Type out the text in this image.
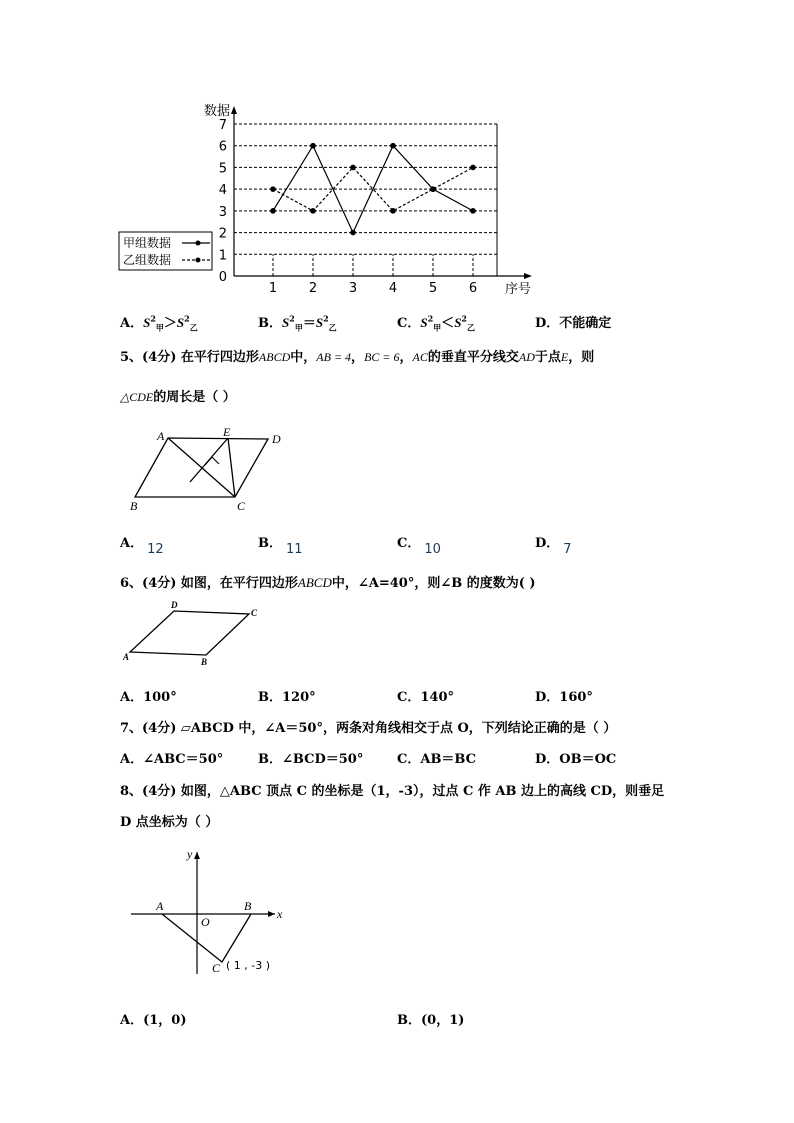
0
1
2
3
4
5
6
7
数据
序号
1 2 3 4 5 6
甲组数据
乙组数据
A．$S^2_甲>S^2_乙$	B．$S^2_甲=S^2_乙$	C．$S^2_甲<S^2_乙$	D．不能确定
5、(4分) 在平行四边形ABCD中，AB = 4，BC = 6，AC的垂直平分线交AD于点E，则
△CDE的周长是（ ）
A	E	D
B	C
A． 12	B． 11	C． 10	D． 7
6、(4分) 如图，在平行四边形ABCD中，∠A=40°，则∠B 的度数为( )
A	B
C
D
A．100°	B．120°	C．140°	D．160°
7、(4分) ▱ABCD 中，∠A＝50°，两条对角线相交于点 O，下列结论正确的是（ ）
A．∠ABC＝50°	B．∠BCD＝50°	C．AB＝BC	D．OB＝OC
8、(4分) 如图，△ABC 顶点 C 的坐标是（1，-3），过点 C 作 AB 边上的高线 CD，则垂足
D 点坐标为（ ）
y
x
A	B
O
C ( 1 , -3 )
A．(1，0)	B．(0，1)
